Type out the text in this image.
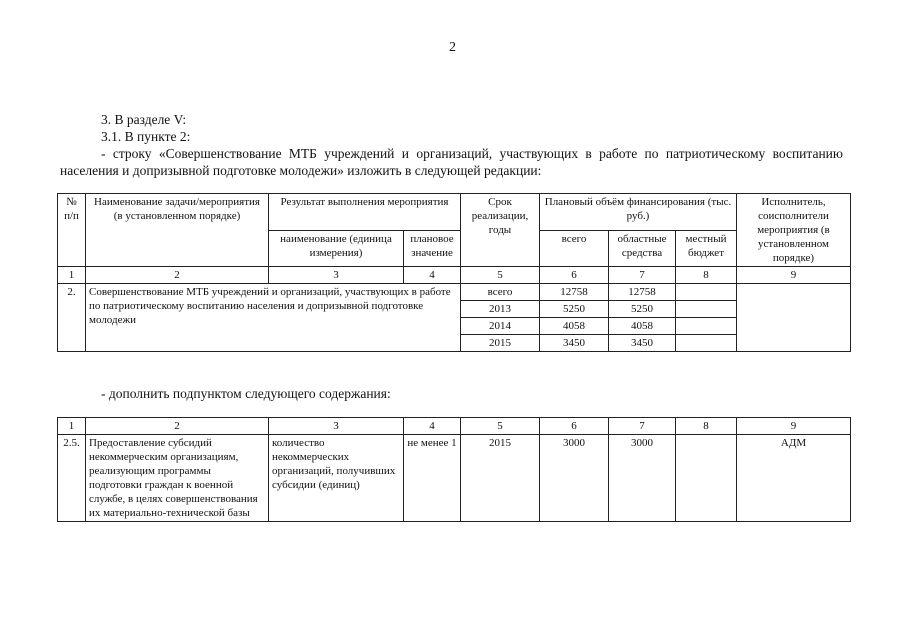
2
3. В разделе V:
3.1. В пункте 2:
- строку «Совершенствование МТБ учреждений и организаций, участвующих в работе по патриотическому воспитанию населения и допризывной подготовке молодежи» изложить в следующей редакции:
№ п/п	Наименование задачи/мероприятия (в установленном порядке)	Результат выполнения мероприятия		Срок реализации, годы	Плановый объём финансирования (тыс. руб.)			Исполнитель, соисполнители мероприятия (в установленном порядке)
		наименование (единица измерения)	плановое значение		всего	областные средства	местный бюджет	
1	2	3	4	5	6	7	8	9
2.	Совершенствование МТБ учреждений и организаций, участвующих в работе по патриотическому воспитанию населения и допризывной подготовке молодежи			всего	12758	12758		
				2013	5250	5250		
				2014	4058	4058		
				2015	3450	3450		
- дополнить подпунктом следующего содержания:
1	2	3	4	5	6	7	8	9
2.5.	Предоставление субсидий некоммерческим организациям, реализующим программы подготовки граждан к военной службе, в целях совершенствования их материально-технической базы	количество некоммерческих организаций, получивших субсидии (единиц)	не менее 1	2015	3000	3000		АДМ
